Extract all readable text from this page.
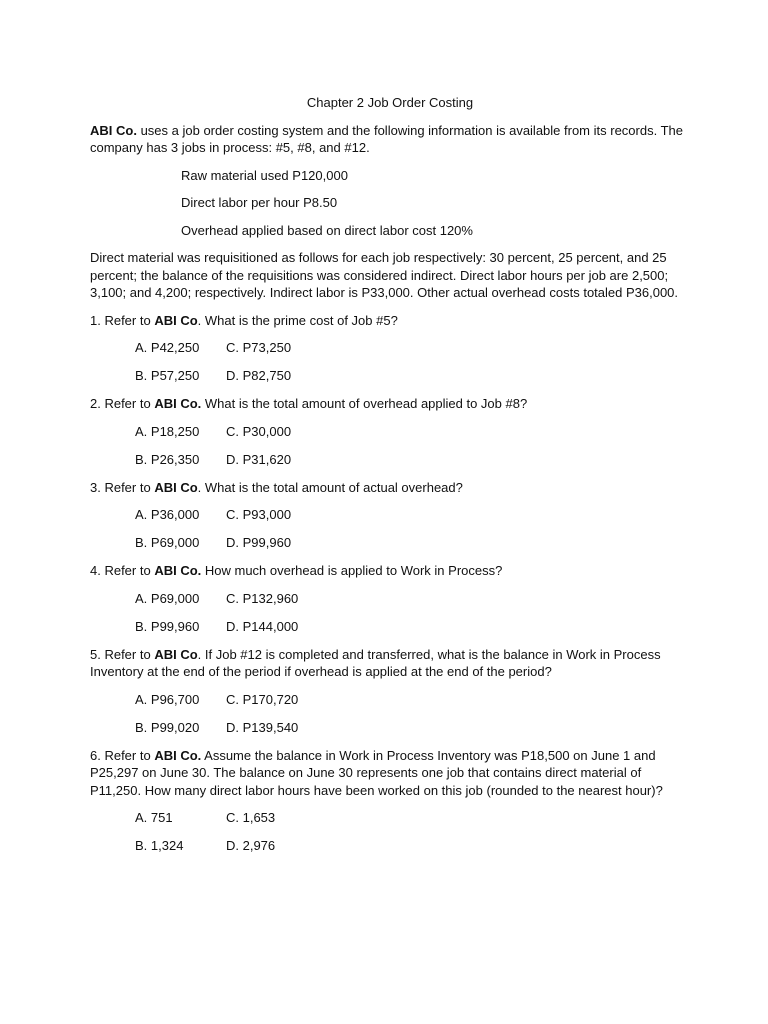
Chapter 2 Job Order Costing

ABI Co. uses a job order costing system and the following information is available from its records. The company has 3 jobs in process: #5, #8, and #12.

Raw material used P120,000

Direct labor per hour P8.50

Overhead applied based on direct labor cost 120%

Direct material was requisitioned as follows for each job respectively: 30 percent, 25 percent, and 25 percent; the balance of the requisitions was considered indirect. Direct labor hours per job are 2,500; 3,100; and 4,200; respectively. Indirect labor is P33,000. Other actual overhead costs totaled P36,000.

1. Refer to ABI Co. What is the prime cost of Job #5?

A. P42,250	C. P73,250
B. P57,250	D. P82,750

2. Refer to ABI Co. What is the total amount of overhead applied to Job #8?

A. P18,250	C. P30,000
B. P26,350	D. P31,620

3. Refer to ABI Co. What is the total amount of actual overhead?

A. P36,000	C. P93,000
B. P69,000	D. P99,960

4. Refer to ABI Co. How much overhead is applied to Work in Process?

A. P69,000	C. P132,960
B. P99,960	D. P144,000

5. Refer to ABI Co. If Job #12 is completed and transferred, what is the balance in Work in Process Inventory at the end of the period if overhead is applied at the end of the period?

A. P96,700	C. P170,720
B. P99,020	D. P139,540

6. Refer to ABI Co. Assume the balance in Work in Process Inventory was P18,500 on June 1 and P25,297 on June 30. The balance on June 30 represents one job that contains direct material of P11,250. How many direct labor hours have been worked on this job (rounded to the nearest hour)?

A. 751	C. 1,653
B. 1,324	D. 2,976
